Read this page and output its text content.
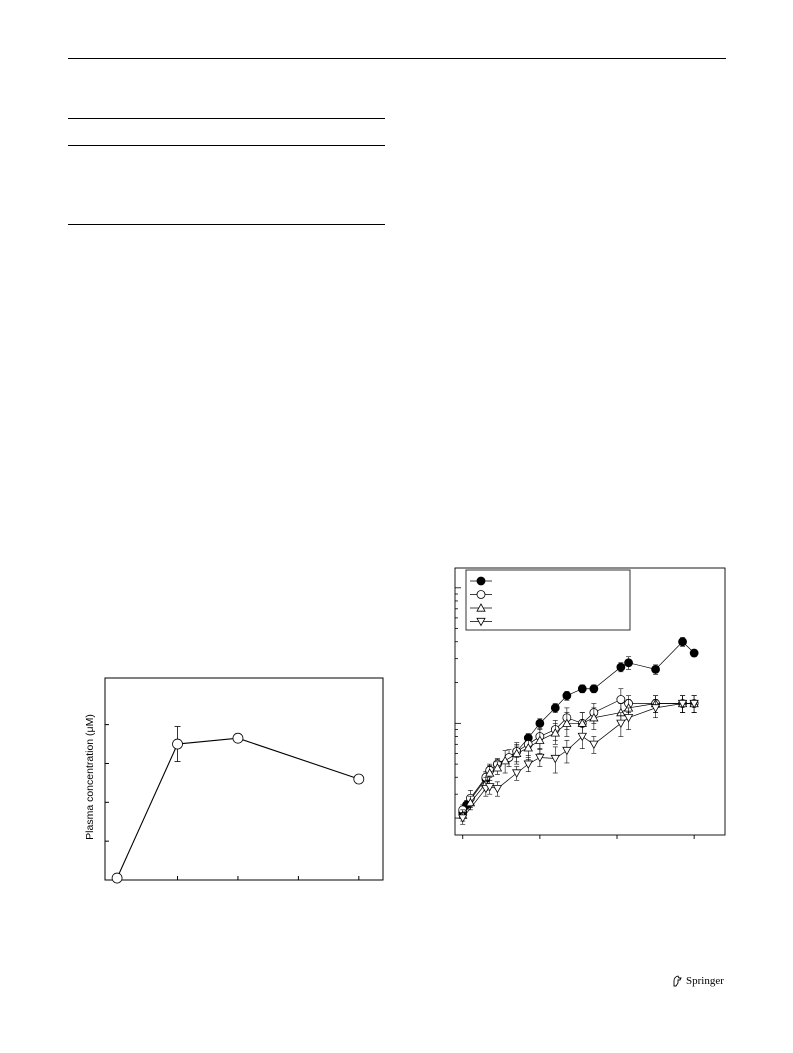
Plasma concentration (μM)
Springer
